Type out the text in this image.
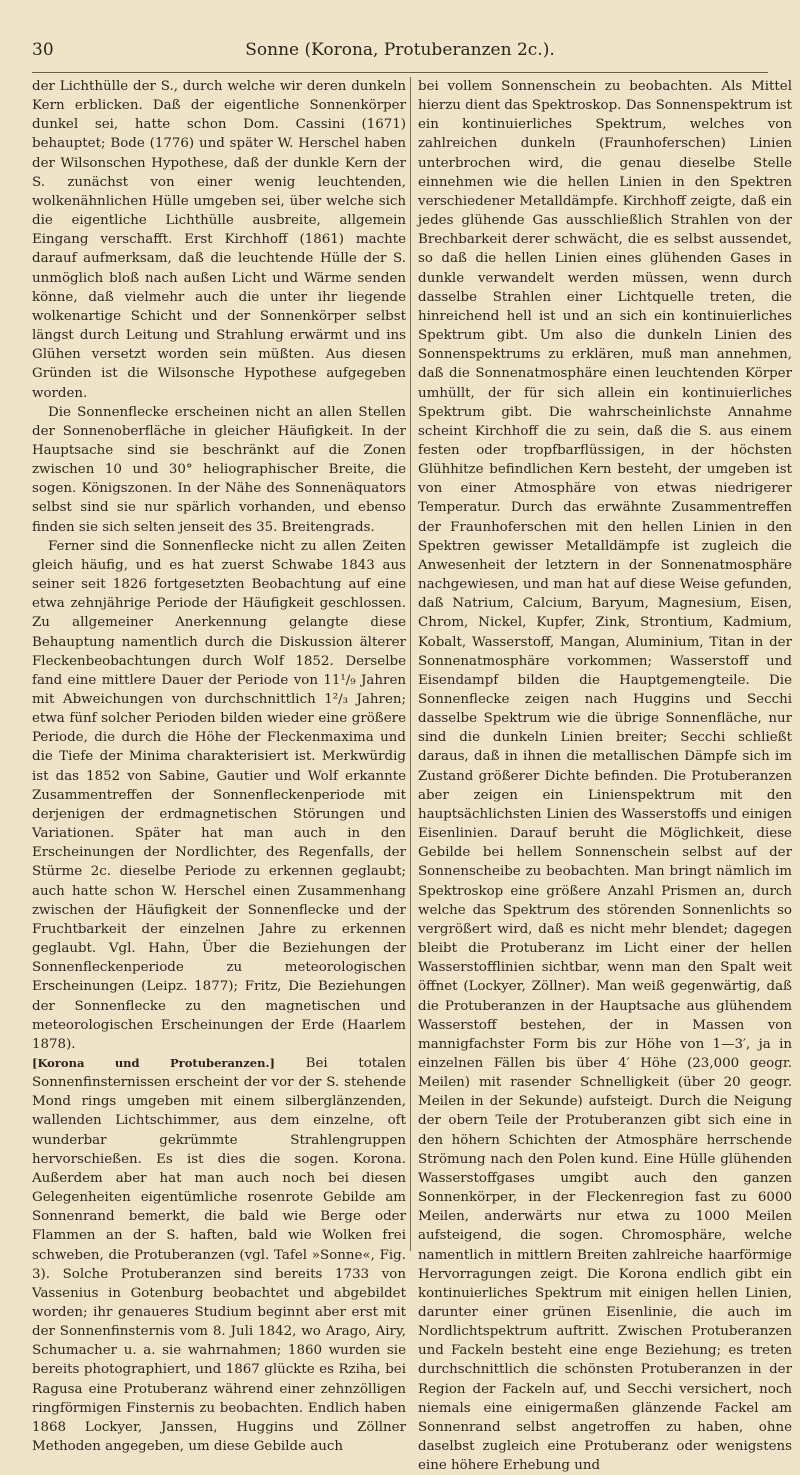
30	Sonne (Korona, Protuberanzen 2c.).

der Lichthülle der S., durch welche wir deren dunkeln Kern erblicken. Daß der eigentliche Sonnenkörper dunkel sei, hatte schon Dom. Cassini (1671) behauptet; Bode (1776) und später W. Herschel haben der Wilsonschen Hypothese, daß der dunkle Kern der S. zunächst von einer wenig leuchtenden, wolkenähnlichen Hülle umgeben sei, über welche sich die eigentliche Lichthülle ausbreite, allgemein Eingang verschafft. Erst Kirchhoff (1861) machte darauf aufmerksam, daß die leuchtende Hülle der S. unmöglich bloß nach außen Licht und Wärme senden könne, daß vielmehr auch die unter ihr liegende wolkenartige Schicht und der Sonnenkörper selbst längst durch Leitung und Strahlung erwärmt und ins Glühen versetzt worden sein müßten. Aus diesen Gründen ist die Wilsonsche Hypothese aufgegeben worden.

Die Sonnenflecke erscheinen nicht an allen Stellen der Sonnenoberfläche in gleicher Häufigkeit. In der Hauptsache sind sie beschränkt auf die Zonen zwischen 10 und 30° heliographischer Breite, die sogen. Königszonen. In der Nähe des Sonnenäquators selbst sind sie nur spärlich vorhanden, und ebenso finden sie sich selten jenseit des 35. Breitengrads.

Ferner sind die Sonnenflecke nicht zu allen Zeiten gleich häufig, und es hat zuerst Schwabe 1843 aus seiner seit 1826 fortgesetzten Beobachtung auf eine etwa zehnjährige Periode der Häufigkeit geschlossen. Zu allgemeiner Anerkennung gelangte diese Behauptung namentlich durch die Diskussion älterer Fleckenbeobachtungen durch Wolf 1852. Derselbe fand eine mittlere Dauer der Periode von 11¹/₉ Jahren mit Abweichungen von durchschnittlich 1²/₃ Jahren; etwa fünf solcher Perioden bilden wieder eine größere Periode, die durch die Höhe der Fleckenmaxima und die Tiefe der Minima charakterisiert ist. Merkwürdig ist das 1852 von Sabine, Gautier und Wolf erkannte Zusammentreffen der Sonnenfleckenperiode mit derjenigen der erdmagnetischen Störungen und Variationen. Später hat man auch in den Erscheinungen der Nordlichter, des Regenfalls, der Stürme 2c. dieselbe Periode zu erkennen geglaubt; auch hatte schon W. Herschel einen Zusammenhang zwischen der Häufigkeit der Sonnenflecke und der Fruchtbarkeit der einzelnen Jahre zu erkennen geglaubt. Vgl. Hahn, Über die Beziehungen der Sonnenfleckenperiode zu meteorologischen Erscheinungen (Leipz. 1877); Fritz, Die Beziehungen der Sonnenflecke zu den magnetischen und meteorologischen Erscheinungen der Erde (Haarlem 1878).

[Korona und Protuberanzen.] Bei totalen Sonnenfinsternissen erscheint der vor der S. stehende Mond rings umgeben mit einem silberglänzenden, wallenden Lichtschimmer, aus dem einzelne, oft wunderbar gekrümmte Strahlengruppen hervorschießen. Es ist dies die sogen. Korona. Außerdem aber hat man auch noch bei diesen Gelegenheiten eigentümliche rosenrote Gebilde am Sonnenrand bemerkt, die bald wie Berge oder Flammen an der S. haften, bald wie Wolken frei schweben, die Protuberanzen (vgl. Tafel »Sonne«, Fig. 3). Solche Protuberanzen sind bereits 1733 von Vassenius in Gotenburg beobachtet und abgebildet worden; ihr genaueres Studium beginnt aber erst mit der Sonnenfinsternis vom 8. Juli 1842, wo Arago, Airy, Schumacher u. a. sie wahrnahmen; 1860 wurden sie bereits photographiert, und 1867 glückte es Rziha, bei Ragusa eine Protuberanz während einer zehnzölligen ringförmigen Finsternis zu beobachten. Endlich haben 1868 Lockyer, Janssen, Huggins und Zöllner Methoden angegeben, um diese Gebilde auch

bei vollem Sonnenschein zu beobachten. Als Mittel hierzu dient das Spektroskop. Das Sonnenspektrum ist ein kontinuierliches Spektrum, welches von zahlreichen dunkeln (Fraunhoferschen) Linien unterbrochen wird, die genau dieselbe Stelle einnehmen wie die hellen Linien in den Spektren verschiedener Metalldämpfe. Kirchhoff zeigte, daß ein jedes glühende Gas ausschließlich Strahlen von der Brechbarkeit derer schwächt, die es selbst aussendet, so daß die hellen Linien eines glühenden Gases in dunkle verwandelt werden müssen, wenn durch dasselbe Strahlen einer Lichtquelle treten, die hinreichend hell ist und an sich ein kontinuierliches Spektrum gibt. Um also die dunkeln Linien des Sonnenspektrums zu erklären, muß man annehmen, daß die Sonnenatmosphäre einen leuchtenden Körper umhüllt, der für sich allein ein kontinuierliches Spektrum gibt. Die wahrscheinlichste Annahme scheint Kirchhoff die zu sein, daß die S. aus einem festen oder tropfbarflüssigen, in der höchsten Glühhitze befindlichen Kern besteht, der umgeben ist von einer Atmosphäre von etwas niedrigerer Temperatur. Durch das erwähnte Zusammentreffen der Fraunhoferschen mit den hellen Linien in den Spektren gewisser Metalldämpfe ist zugleich die Anwesenheit der letztern in der Sonnenatmosphäre nachgewiesen, und man hat auf diese Weise gefunden, daß Natrium, Calcium, Baryum, Magnesium, Eisen, Chrom, Nickel, Kupfer, Zink, Strontium, Kadmium, Kobalt, Wasserstoff, Mangan, Aluminium, Titan in der Sonnenatmosphäre vorkommen; Wasserstoff und Eisendampf bilden die Hauptgemengteile. Die Sonnenflecke zeigen nach Huggins und Secchi dasselbe Spektrum wie die übrige Sonnenfläche, nur sind die dunkeln Linien breiter; Secchi schließt daraus, daß in ihnen die metallischen Dämpfe sich im Zustand größerer Dichte befinden. Die Protuberanzen aber zeigen ein Linienspektrum mit den hauptsächlichsten Linien des Wasserstoffs und einigen Eisenlinien. Darauf beruht die Möglichkeit, diese Gebilde bei hellem Sonnenschein selbst auf der Sonnenscheibe zu beobachten. Man bringt nämlich im Spektroskop eine größere Anzahl Prismen an, durch welche das Spektrum des störenden Sonnenlichts so vergrößert wird, daß es nicht mehr blendet; dagegen bleibt die Protuberanz im Licht einer der hellen Wasserstofflinien sichtbar, wenn man den Spalt weit öffnet (Lockyer, Zöllner). Man weiß gegenwärtig, daß die Protuberanzen in der Hauptsache aus glühendem Wasserstoff bestehen, der in Massen von mannigfachster Form bis zur Höhe von 1—3′, ja in einzelnen Fällen bis über 4′ Höhe (23,000 geogr. Meilen) mit rasender Schnelligkeit (über 20 geogr. Meilen in der Sekunde) aufsteigt. Durch die Neigung der obern Teile der Protuberanzen gibt sich eine in den höhern Schichten der Atmosphäre herrschende Strömung nach den Polen kund. Eine Hülle glühenden Wasserstoffgases umgibt auch den ganzen Sonnenkörper, in der Fleckenregion fast zu 6000 Meilen, anderwärts nur etwa zu 1000 Meilen aufsteigend, die sogen. Chromosphäre, welche namentlich in mittlern Breiten zahlreiche haarförmige Hervorragungen zeigt. Die Korona endlich gibt ein kontinuierliches Spektrum mit einigen hellen Linien, darunter einer grünen Eisenlinie, die auch im Nordlichtspektrum auftritt. Zwischen Protuberanzen und Fackeln besteht eine enge Beziehung; es treten durchschnittlich die schönsten Protuberanzen in der Region der Fackeln auf, und Secchi versichert, noch niemals eine einigermaßen glänzende Fackel am Sonnenrand selbst angetroffen zu haben, ohne daselbst zugleich eine Protuberanz oder wenigstens eine höhere Erhebung und
